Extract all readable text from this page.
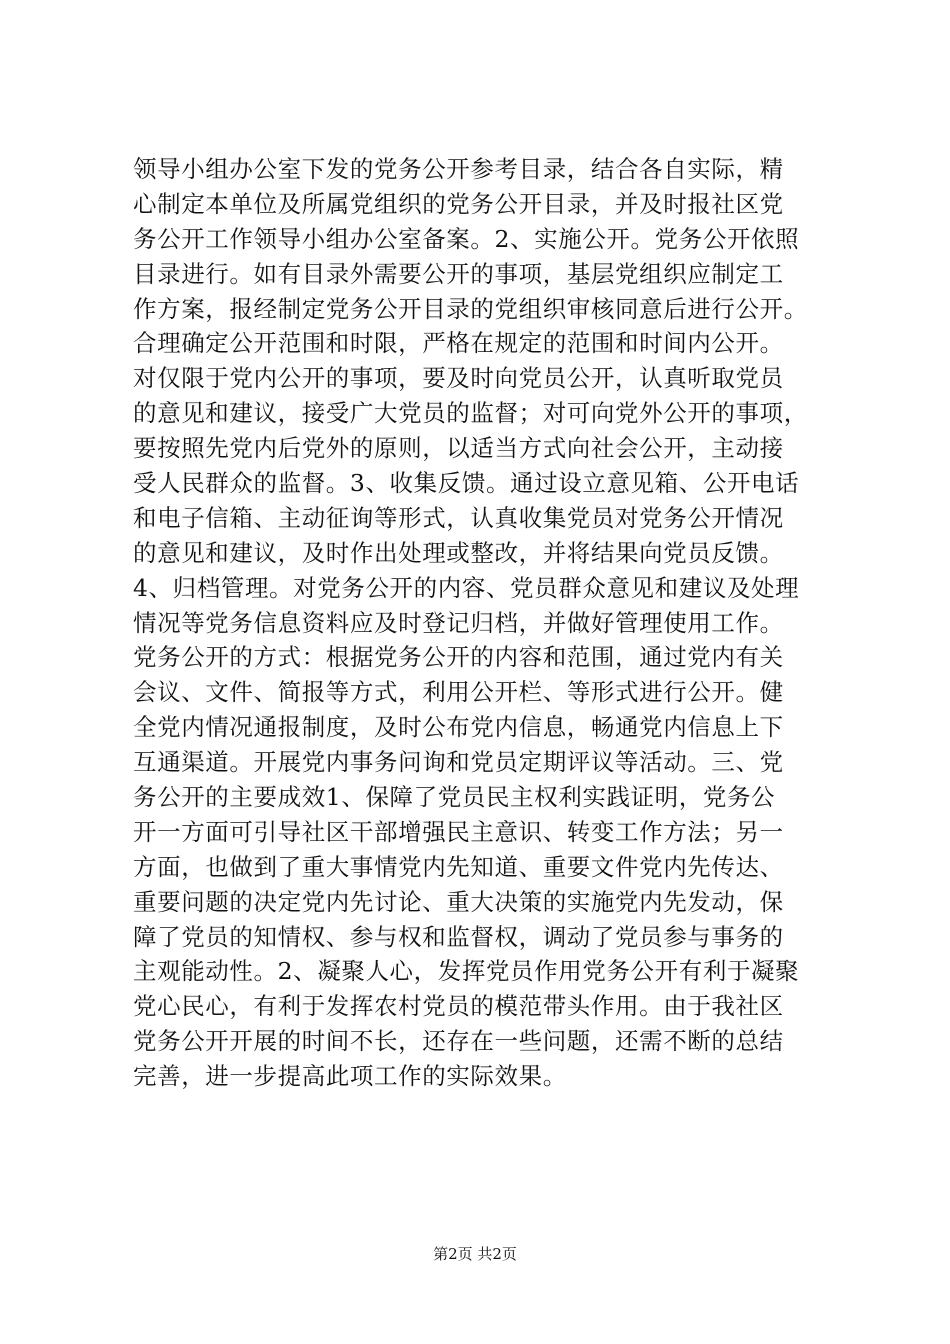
领导小组办公室下发的党务公开参考目录，结合各自实际，精
心制定本单位及所属党组织的党务公开目录，并及时报社区党
务公开工作领导小组办公室备案。2、实施公开。党务公开依照
目录进行。如有目录外需要公开的事项，基层党组织应制定工
作方案，报经制定党务公开目录的党组织审核同意后进行公开。
合理确定公开范围和时限，严格在规定的范围和时间内公开。
对仅限于党内公开的事项，要及时向党员公开，认真听取党员
的意见和建议，接受广大党员的监督；对可向党外公开的事项，
要按照先党内后党外的原则，以适当方式向社会公开，主动接
受人民群众的监督。3、收集反馈。通过设立意见箱、公开电话
和电子信箱、主动征询等形式，认真收集党员对党务公开情况
的意见和建议，及时作出处理或整改，并将结果向党员反馈。
4、归档管理。对党务公开的内容、党员群众意见和建议及处理
情况等党务信息资料应及时登记归档，并做好管理使用工作。
党务公开的方式：根据党务公开的内容和范围，通过党内有关
会议、文件、简报等方式，利用公开栏、等形式进行公开。健
全党内情况通报制度，及时公布党内信息，畅通党内信息上下
互通渠道。开展党内事务问询和党员定期评议等活动。三、党
务公开的主要成效1、保障了党员民主权利实践证明，党务公
开一方面可引导社区干部增强民主意识、转变工作方法；另一
方面，也做到了重大事情党内先知道、重要文件党内先传达、
重要问题的决定党内先讨论、重大决策的实施党内先发动，保
障了党员的知情权、参与权和监督权，调动了党员参与事务的
主观能动性。2、凝聚人心，发挥党员作用党务公开有利于凝聚
党心民心，有利于发挥农村党员的模范带头作用。由于我社区
党务公开开展的时间不长，还存在一些问题，还需不断的总结
完善，进一步提高此项工作的实际效果。
第2页 共2页
